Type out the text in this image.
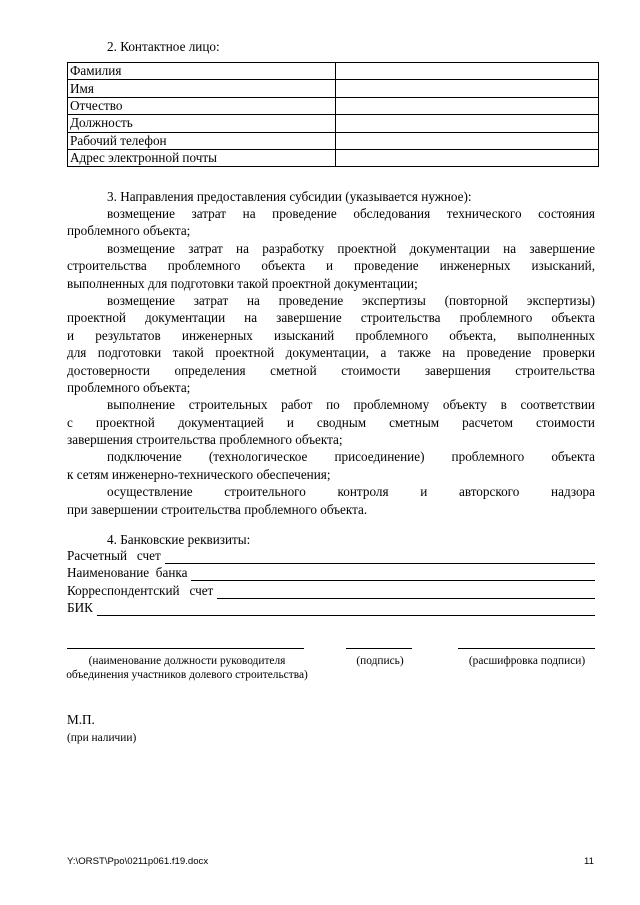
2. Контактное лицо:
Фамилия	
Имя	
Отчество	
Должность	
Рабочий телефон	
Адрес электронной почты	
3. Направления предоставления субсидии (указывается нужное):
возмещение затрат на проведение обследования технического состояния
проблемного объекта;
возмещение затрат на разработку проектной документации на завершение
строительства проблемного объекта и проведение инженерных изысканий,
выполненных для подготовки такой проектной документации;
возмещение затрат на проведение экспертизы (повторной экспертизы)
проектной документации на завершение строительства проблемного объекта
и результатов инженерных изысканий проблемного объекта, выполненных
для подготовки такой проектной документации, а также на проведение проверки
достоверности определения сметной стоимости завершения строительства
проблемного объекта;
выполнение строительных работ по проблемному объекту в соответствии
с проектной документацией и сводным сметным расчетом стоимости
завершения строительства проблемного объекта;
подключение (технологическое присоединение) проблемного объекта
к сетям инженерно-технического обеспечения;
осуществление строительного контроля и авторского надзора
при завершении строительства проблемного объекта.
4. Банковские реквизиты:
Расчетный   счет
Наименование  банка
Корреспондентский   счет
БИК
(наименование должности руководителя объединения участников долевого строительства)
(подпись)	(расшифровка подписи)
М.П.
(при наличии)
Y:\ORST\Ppo\0211p061.f19.docx	11
